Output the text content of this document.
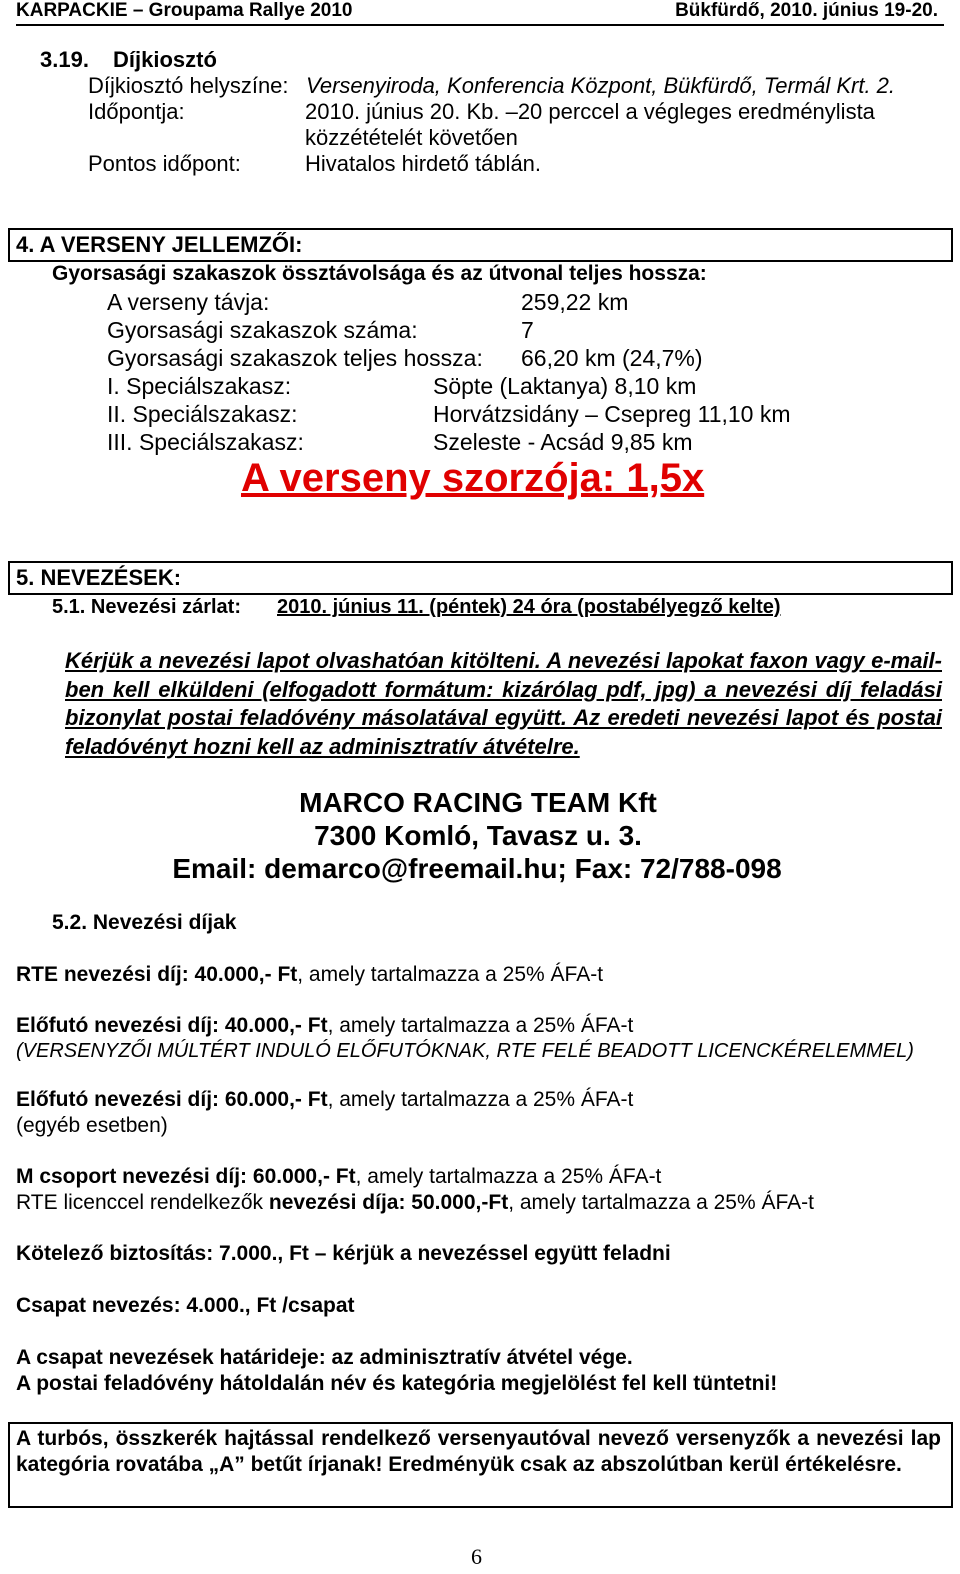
KARPACKIE – Groupama Rallye 2010	Bükfürdő, 2010. június 19-20.
3.19. Díjkiosztó
Díjkiosztó helyszíne: Versenyiroda, Konferencia Központ, Bükfürdő, Termál Krt. 2.
Időpontja:	2010. június 20. Kb. –20 perccel a végleges eredménylista
közzétételét követően
Pontos időpont:	Hivatalos hirdető táblán.
4. A VERSENY JELLEMZŐI:
Gyorsasági szakaszok össztávolsága és az útvonal teljes hossza:
A verseny távja:	259,22 km
Gyorsasági szakaszok száma:	7
Gyorsasági szakaszok teljes hossza: 66,20 km (24,7%)
I. Speciálszakasz:	Söpte (Laktanya) 8,10 km
II. Speciálszakasz:	Horvátzsidány – Csepreg 11,10 km
III. Speciálszakasz:	Szeleste - Acsád 9,85 km
A verseny szorzója: 1,5x
5. NEVEZÉSEK:
5.1. Nevezési zárlat: 2010. június 11. (péntek) 24 óra (postabélyegző kelte)
Kérjük a nevezési lapot olvashatóan kitölteni. A nevezési lapokat faxon vagy e-mail-ben kell elküldeni (elfogadott formátum: kizárólag pdf, jpg) a nevezési díj feladási bizonylat postai feladóvény másolatával együtt. Az eredeti nevezési lapot és postai feladóvényt hozni kell az adminisztratív átvételre.
MARCO RACING TEAM Kft
7300 Komló, Tavasz u. 3.
Email: demarco@freemail.hu; Fax: 72/788-098
5.2. Nevezési díjak
RTE nevezési díj: 40.000,- Ft, amely tartalmazza a 25% ÁFA-t
Előfutó nevezési díj: 40.000,- Ft, amely tartalmazza a 25% ÁFA-t
(VERSENYZŐI MÚLTÉRT INDULÓ ELŐFUTÓKNAK, RTE FELÉ BEADOTT LICENCKÉRELEMMEL)
Előfutó nevezési díj: 60.000,- Ft, amely tartalmazza a 25% ÁFA-t
(egyéb esetben)
M csoport nevezési díj: 60.000,- Ft, amely tartalmazza a 25% ÁFA-t
RTE licenccel rendelkezők nevezési díja: 50.000,-Ft, amely tartalmazza a 25% ÁFA-t
Kötelező biztosítás: 7.000., Ft – kérjük a nevezéssel együtt feladni
Csapat nevezés: 4.000., Ft /csapat
A csapat nevezések határideje: az adminisztratív átvétel vége.
A postai feladóvény hátoldalán név és kategória megjelölést fel kell tüntetni!
A turbós, összkerék hajtással rendelkező versenyautóval nevező versenyzők a nevezési lap kategória rovatába „A” betűt írjanak! Eredményük csak az abszolútban kerül értékelésre.
6
